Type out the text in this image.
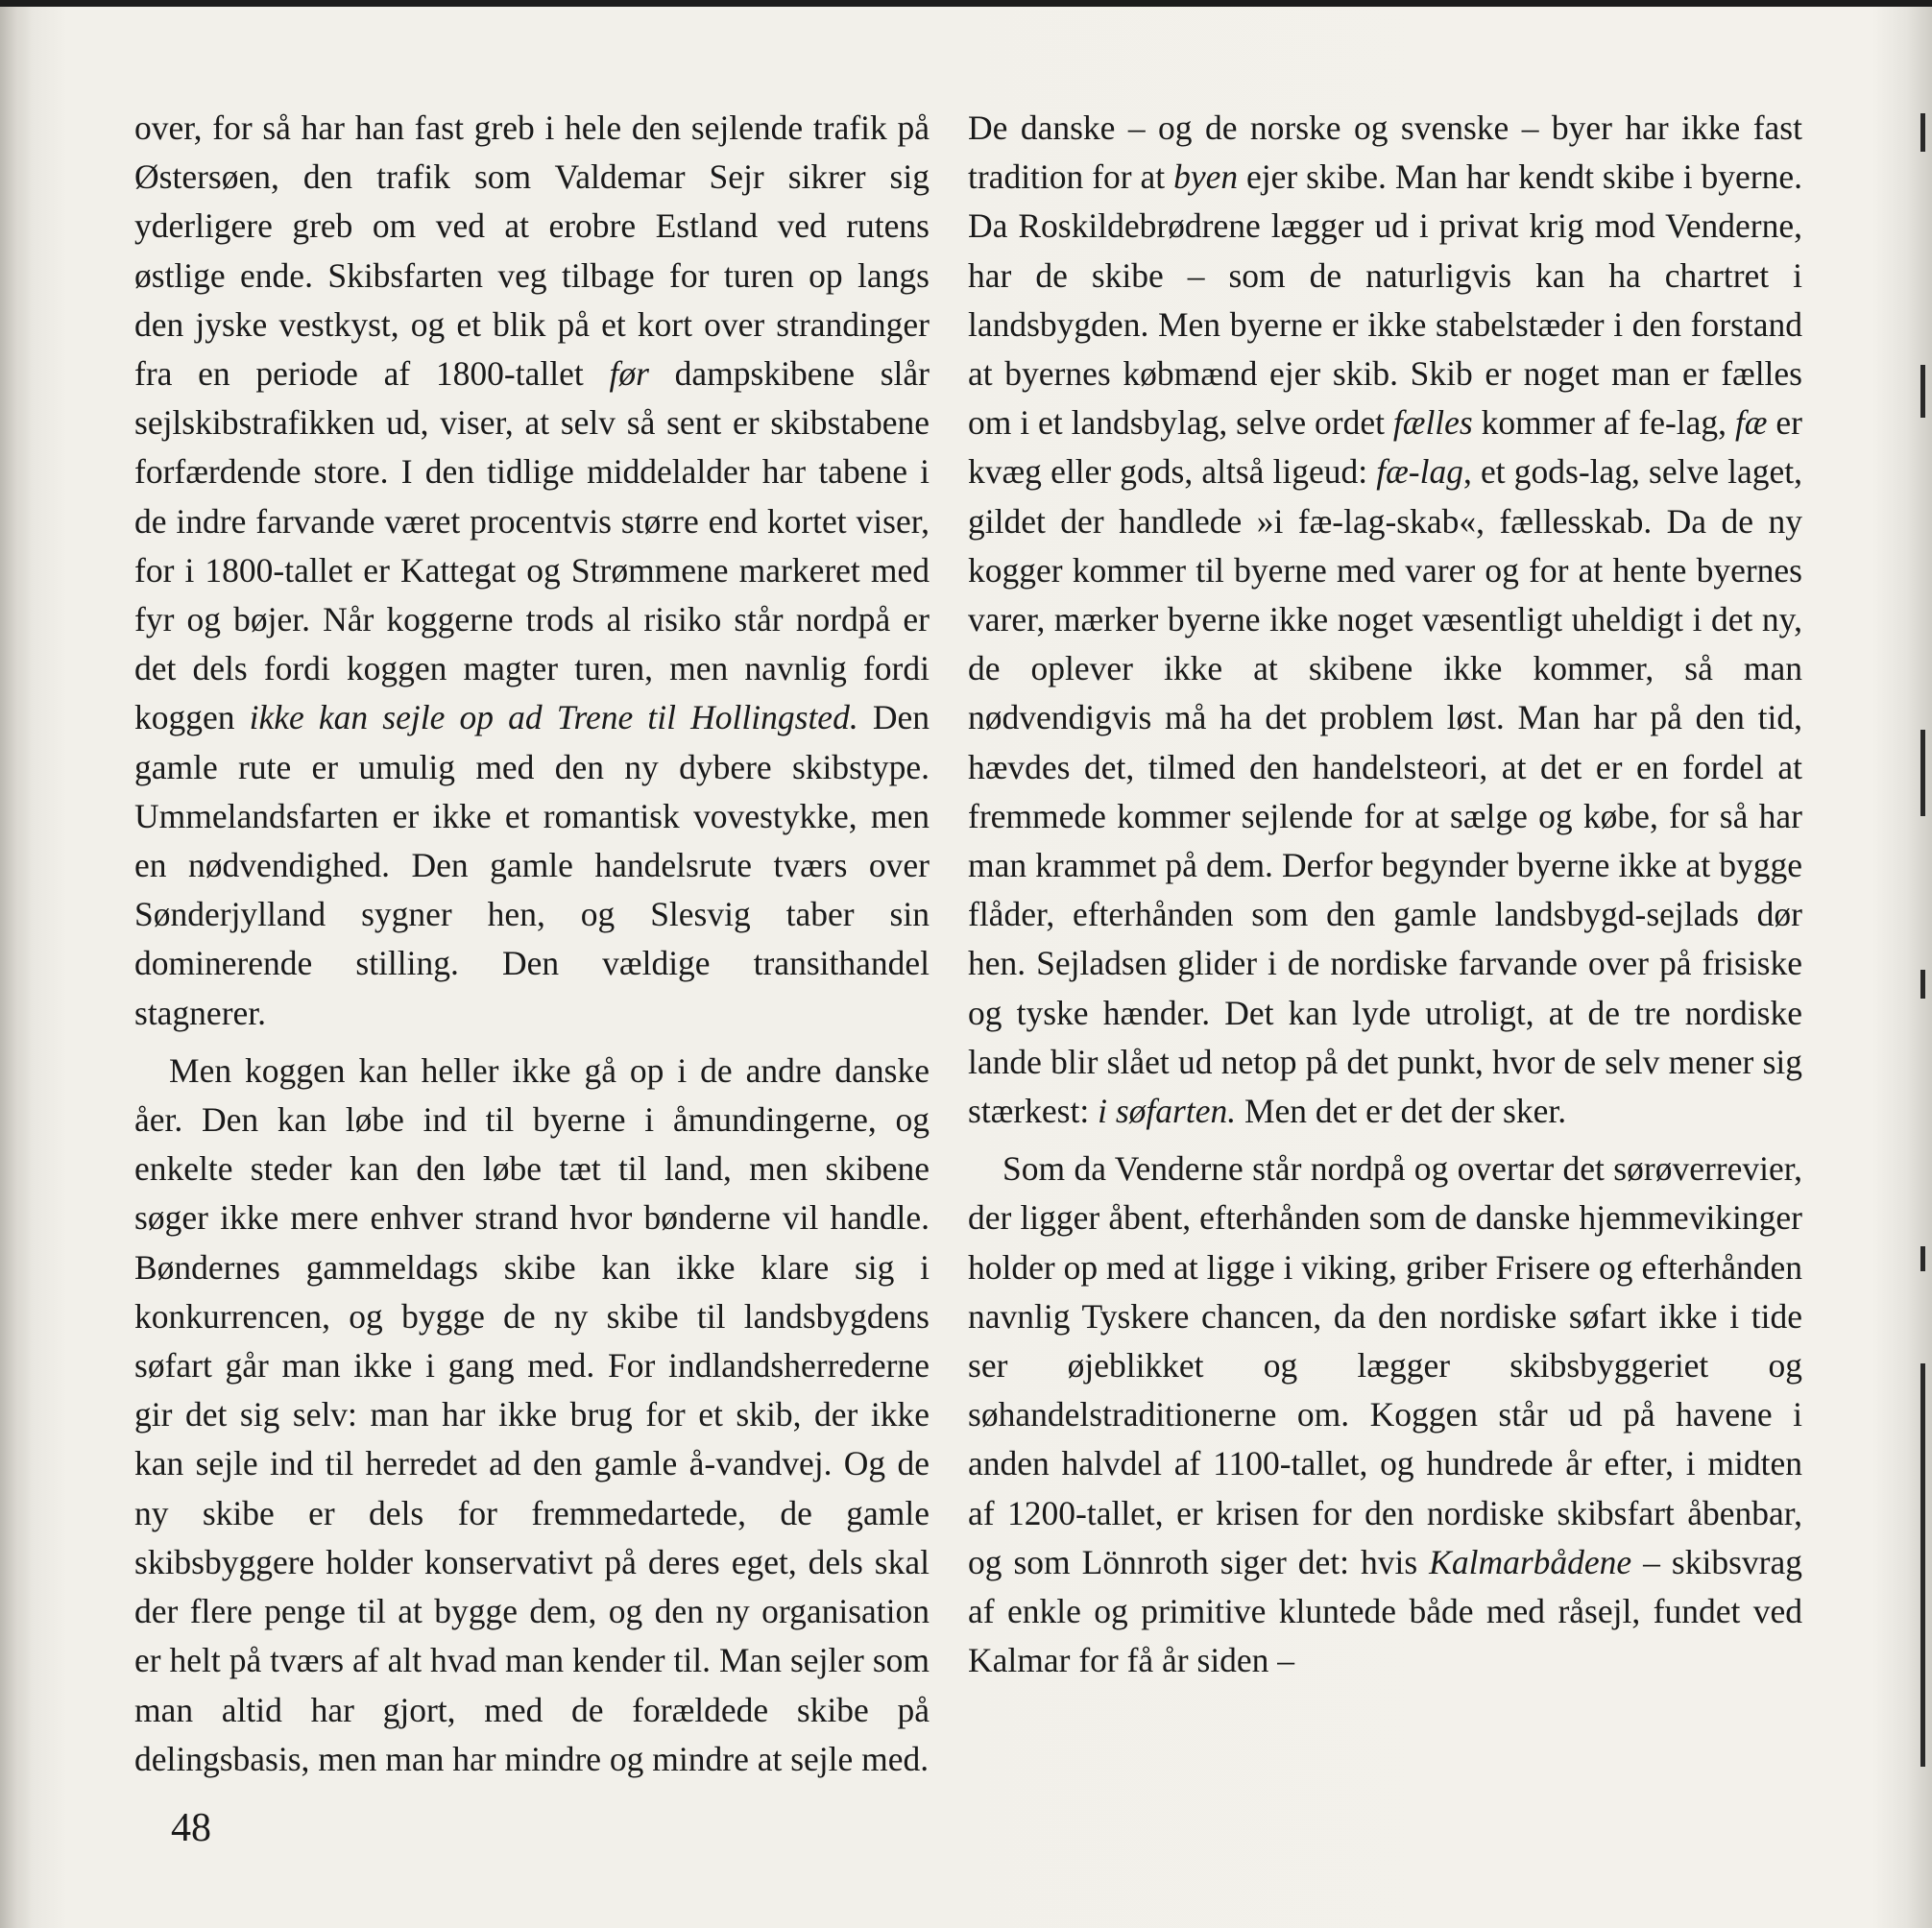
over, for så har han fast greb i hele den sejlende trafik på Østersøen, den trafik som Valdemar Sejr sikrer sig yderligere greb om ved at erobre Estland ved rutens østlige ende. Skibsfarten veg tilbage for turen op langs den jyske vestkyst, og et blik på et kort over strandinger fra en periode af 1800-tallet før dampskibene slår sejlskibstrafikken ud, viser, at selv så sent er skibstabene forfærdende store. I den tidlige middelalder har tabene i de indre farvande været procentvis større end kortet viser, for i 1800-tallet er Kattegat og Strømmene markeret med fyr og bøjer. Når koggerne trods al risiko står nordpå er det dels fordi koggen magter turen, men navnlig fordi koggen ikke kan sejle op ad Trene til Hollingsted. Den gamle rute er umulig med den ny dybere skibstype. Ummelandsfarten er ikke et romantisk vovestykke, men en nødvendighed. Den gamle handelsrute tværs over Sønderjylland sygner hen, og Slesvig taber sin dominerende stilling. Den vældige transithandel stagnerer.

Men koggen kan heller ikke gå op i de andre danske åer. Den kan løbe ind til byerne i åmundingerne, og enkelte steder kan den løbe tæt til land, men skibene søger ikke mere enhver strand hvor bønderne vil handle. Bøndernes gammeldags skibe kan ikke klare sig i konkurrencen, og bygge de ny skibe til landsbygdens søfart går man ikke i gang med. For indlandsherrederne gir det sig selv: man har ikke brug for et skib, der ikke kan sejle ind til herredet ad den gamle å-vandvej. Og de ny skibe er dels for fremmedartede, de gamle skibsbyggere holder konservativt på deres eget, dels skal der flere penge til at bygge dem, og den ny organisation er helt på tværs af alt hvad man kender til. Man sejler som man altid har gjort, med de forældede skibe på delingsbasis, men man har mindre og mindre at sejle med.

De danske – og de norske og svenske – byer har ikke fast tradition for at byen ejer skibe. Man har kendt skibe i byerne. Da Roskildebrødrene lægger ud i privat krig mod Venderne, har de skibe – som de naturligvis kan ha chartret i landsbygden. Men byerne er ikke stabelstæder i den forstand at byernes købmænd ejer skib. Skib er noget man er fælles om i et landsbylag, selve ordet fælles kommer af fe-lag, fæ er kvæg eller gods, altså ligeud: fæ-lag, et gods-lag, selve laget, gildet der handlede »i fæ-lag-skab«, fællesskab. Da de ny kogger kommer til byerne med varer og for at hente byernes varer, mærker byerne ikke noget væsentligt uheldigt i det ny, de oplever ikke at skibene ikke kommer, så man nødvendigvis må ha det problem løst. Man har på den tid, hævdes det, tilmed den handelsteori, at det er en fordel at fremmede kommer sejlende for at sælge og købe, for så har man krammet på dem. Derfor begynder byerne ikke at bygge flåder, efterhånden som den gamle landsbygd-sejlads dør hen. Sejladsen glider i de nordiske farvande over på frisiske og tyske hænder. Det kan lyde utroligt, at de tre nordiske lande blir slået ud netop på det punkt, hvor de selv mener sig stærkest: i søfarten. Men det er det der sker.

Som da Venderne står nordpå og overtar det sørøverrevier, der ligger åbent, efterhånden som de danske hjemmevikinger holder op med at ligge i viking, griber Frisere og efterhånden navnlig Tyskere chancen, da den nordiske søfart ikke i tide ser øjeblikket og lægger skibsbyggeriet og søhandelstraditionerne om. Koggen står ud på havene i anden halvdel af 1100-tallet, og hundrede år efter, i midten af 1200-tallet, er krisen for den nordiske skibsfart åbenbar, og som Lönnroth siger det: hvis Kalmarbådene – skibsvrag af enkle og primitive kluntede både med råsejl, fundet ved Kalmar for få år siden –

48
